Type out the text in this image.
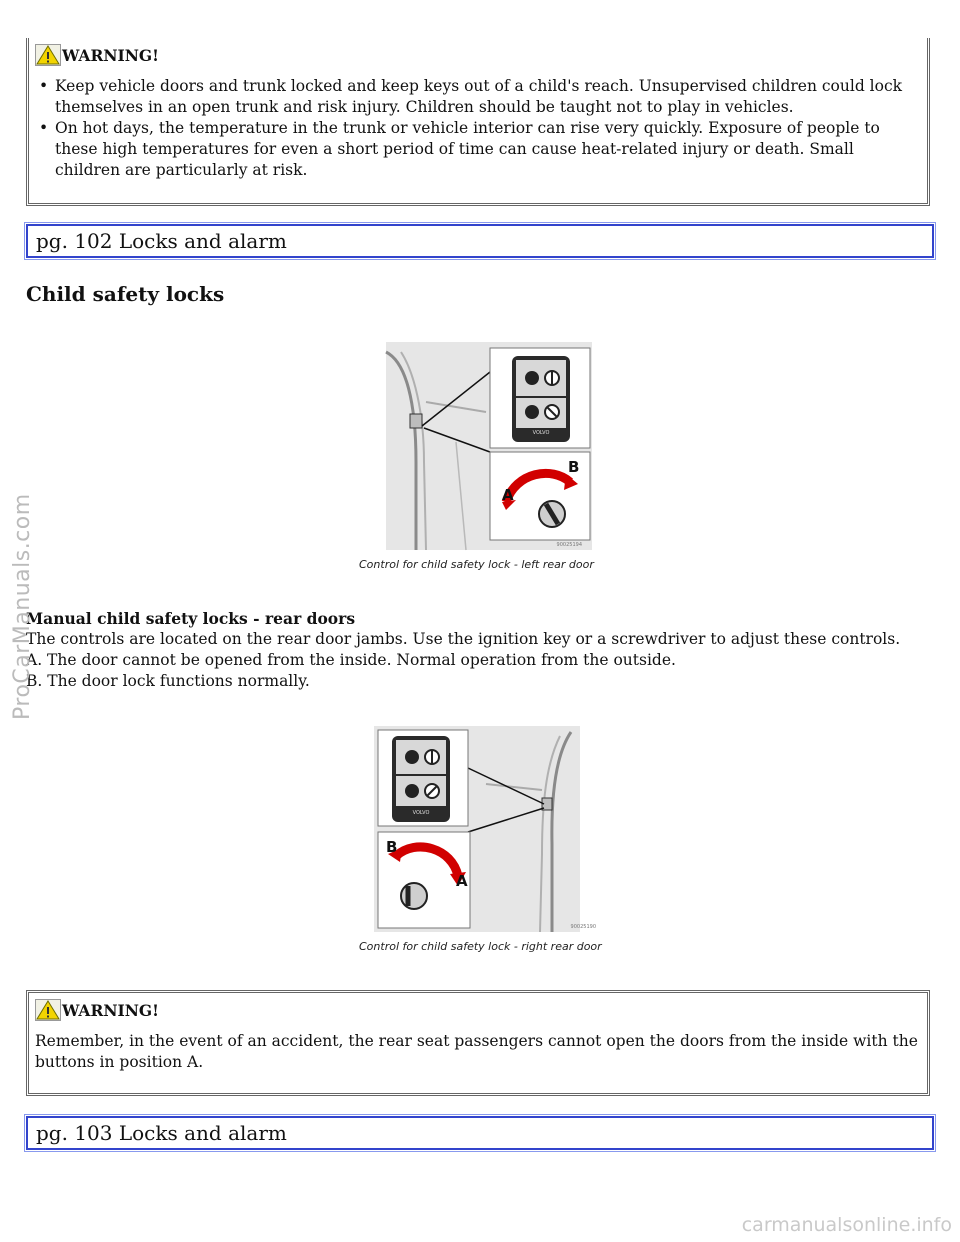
WARNING!
• Keep vehicle doors and trunk locked and keep keys out of a child's reach. Unsupervised children could lock themselves in an open trunk and risk injury. Children should be taught not to play in vehicles.
• On hot days, the temperature in the trunk or vehicle interior can rise very quickly. Exposure of people to these high temperatures for even a short period of time can cause heat-related injury or death. Small children are particularly at risk.
pg. 102 Locks and alarm
Child safety locks
VOLVO
A
B
90025194
Control for child safety lock - left rear door
Manual child safety locks - rear doors
The controls are located on the rear door jambs. Use the ignition key or a screwdriver to adjust these controls.
A. The door cannot be opened from the inside. Normal operation from the outside.
B. The door lock functions normally.
VOLVO
B
A
90025190
Control for child safety lock - right rear door
WARNING!
Remember, in the event of an accident, the rear seat passengers cannot open the doors from the inside with the buttons in position A.
pg. 103 Locks and alarm
ProCarManuals.com
carmanualsonline.info
